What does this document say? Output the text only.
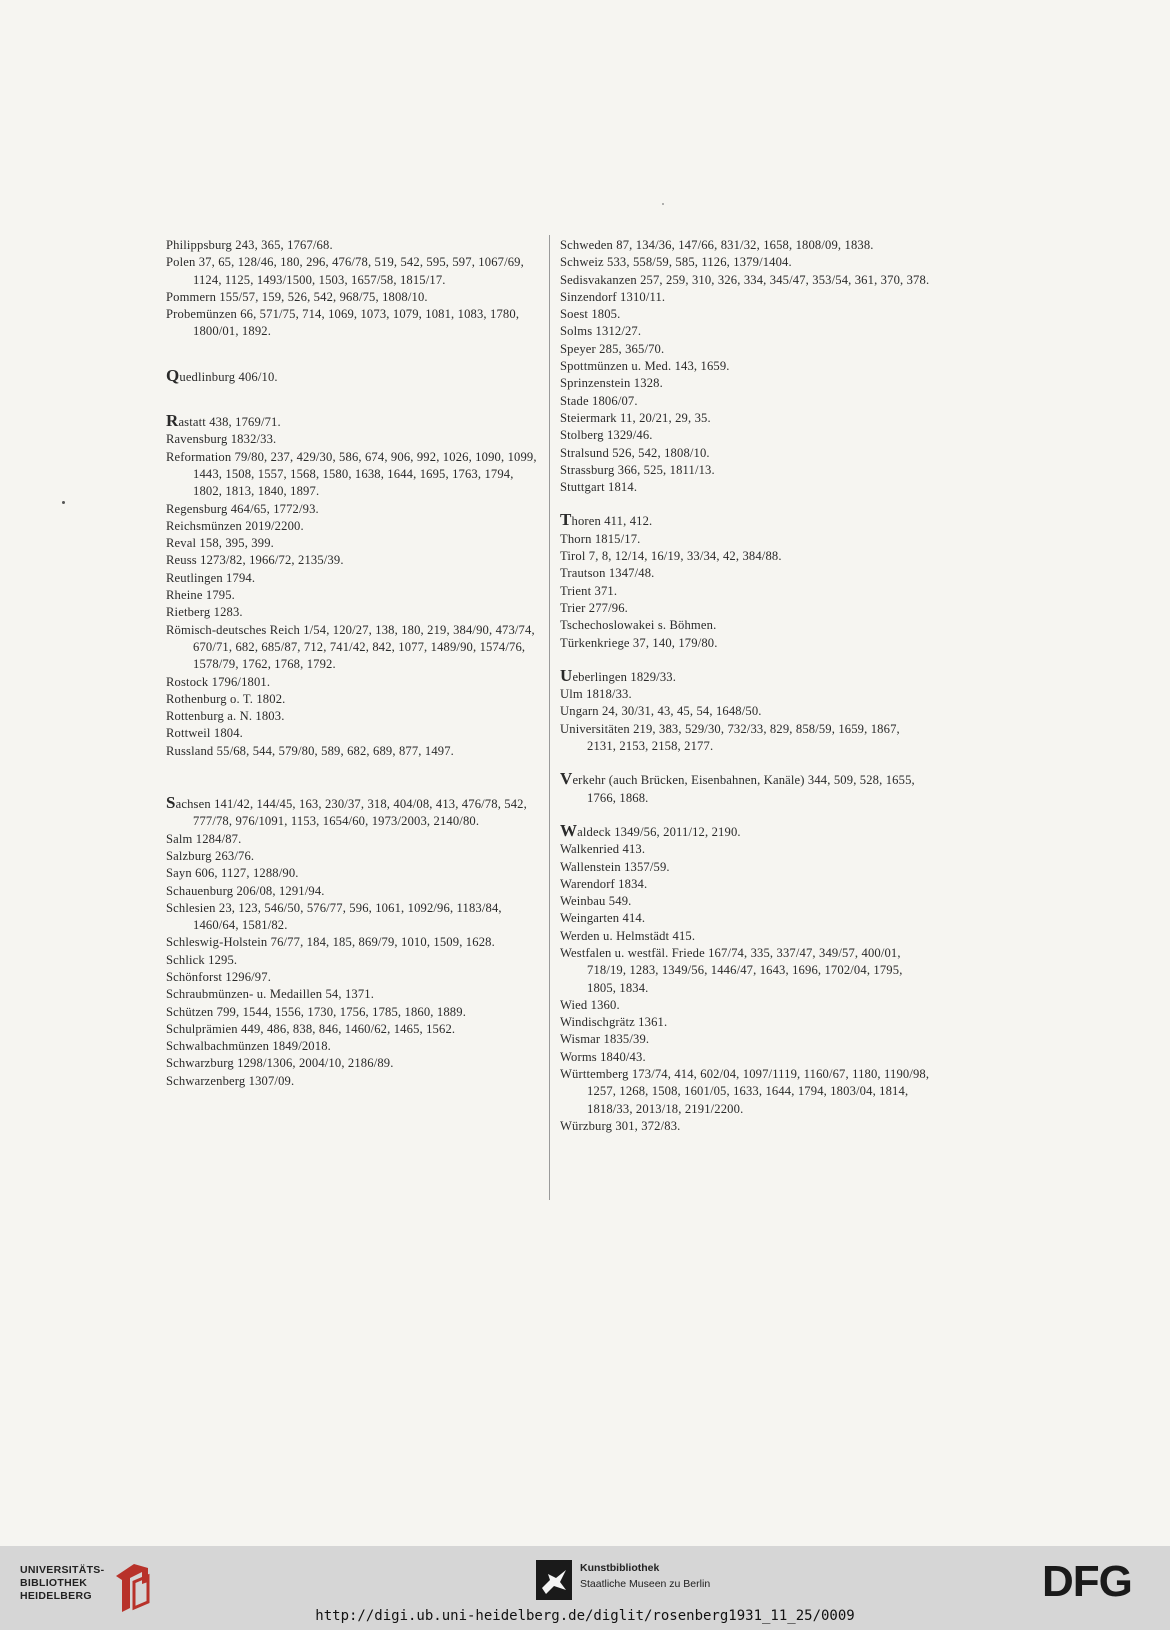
Philippsburg 243, 365, 1767/68.
Polen 37, 65, 128/46, 180, 296, 476/78, 519, 542, 595, 597, 1067/69, 1124, 1125, 1493/1500, 1503, 1657/58, 1815/17.
Pommern 155/57, 159, 526, 542, 968/75, 1808/10.
Probemünzen 66, 571/75, 714, 1069, 1073, 1079, 1081, 1083, 1780, 1800/01, 1892.
Quedlinburg 406/10.
Rastatt 438, 1769/71.
Ravensburg 1832/33.
Reformation 79/80, 237, 429/30, 586, 674, 906, 992, 1026, 1090, 1099, 1443, 1508, 1557, 1568, 1580, 1638, 1644, 1695, 1763, 1794, 1802, 1813, 1840, 1897.
Regensburg 464/65, 1772/93.
Reichsmünzen 2019/2200.
Reval 158, 395, 399.
Reuss 1273/82, 1966/72, 2135/39.
Reutlingen 1794.
Rheine 1795.
Rietberg 1283.
Römisch-deutsches Reich 1/54, 120/27, 138, 180, 219, 384/90, 473/74, 670/71, 682, 685/87, 712, 741/42, 842, 1077, 1489/90, 1574/76, 1578/79, 1762, 1768, 1792.
Rostock 1796/1801.
Rothenburg o. T. 1802.
Rottenburg a. N. 1803.
Rottweil 1804.
Russland 55/68, 544, 579/80, 589, 682, 689, 877, 1497.
Sachsen 141/42, 144/45, 163, 230/37, 318, 404/08, 413, 476/78, 542, 777/78, 976/1091, 1153, 1654/60, 1973/2003, 2140/80.
Salm 1284/87.
Salzburg 263/76.
Sayn 606, 1127, 1288/90.
Schauenburg 206/08, 1291/94.
Schlesien 23, 123, 546/50, 576/77, 596, 1061, 1092/96, 1183/84, 1460/64, 1581/82.
Schleswig-Holstein 76/77, 184, 185, 869/79, 1010, 1509, 1628.
Schlick 1295.
Schönforst 1296/97.
Schraubmünzen- u. Medaillen 54, 1371.
Schützen 799, 1544, 1556, 1730, 1756, 1785, 1860, 1889.
Schulprämien 449, 486, 838, 846, 1460/62, 1465, 1562.
Schwalbachmünzen 1849/2018.
Schwarzburg 1298/1306, 2004/10, 2186/89.
Schwarzenberg 1307/09.
Schweden 87, 134/36, 147/66, 831/32, 1658, 1808/09, 1838.
Schweiz 533, 558/59, 585, 1126, 1379/1404.
Sedisvakanzen 257, 259, 310, 326, 334, 345/47, 353/54, 361, 370, 378.
Sinzendorf 1310/11.
Soest 1805.
Solms 1312/27.
Speyer 285, 365/70.
Spottmünzen u. Med. 143, 1659.
Sprinzenstein 1328.
Stade 1806/07.
Steiermark 11, 20/21, 29, 35.
Stolberg 1329/46.
Stralsund 526, 542, 1808/10.
Strassburg 366, 525, 1811/13.
Stuttgart 1814.
Thoren 411, 412.
Thorn 1815/17.
Tirol 7, 8, 12/14, 16/19, 33/34, 42, 384/88.
Trautson 1347/48.
Trient 371.
Trier 277/96.
Tschechoslowakei s. Böhmen.
Türkenkriege 37, 140, 179/80.
Ueberlingen 1829/33.
Ulm 1818/33.
Ungarn 24, 30/31, 43, 45, 54, 1648/50.
Universitäten 219, 383, 529/30, 732/33, 829, 858/59, 1659, 1867, 2131, 2153, 2158, 2177.
Verkehr (auch Brücken, Eisenbahnen, Kanäle) 344, 509, 528, 1655, 1766, 1868.
Waldeck 1349/56, 2011/12, 2190.
Walkenried 413.
Wallenstein 1357/59.
Warendorf 1834.
Weinbau 549.
Weingarten 414.
Werden u. Helmstädt 415.
Westfalen u. westfäl. Friede 167/74, 335, 337/47, 349/57, 400/01, 718/19, 1283, 1349/56, 1446/47, 1643, 1696, 1702/04, 1795, 1805, 1834.
Wied 1360.
Windischgrätz 1361.
Wismar 1835/39.
Worms 1840/43.
Württemberg 173/74, 414, 602/04, 1097/1119, 1160/67, 1180, 1190/98, 1257, 1268, 1508, 1601/05, 1633, 1644, 1794, 1803/04, 1814, 1818/33, 2013/18, 2191/2200.
Würzburg 301, 372/83.
UNIVERSITÄTS-
BIBLIOTHEK
HEIDELBERG
Kunstbibliothek
Staatliche Museen zu Berlin	DFG
http://digi.ub.uni-heidelberg.de/diglit/rosenberg1931_11_25/0009
